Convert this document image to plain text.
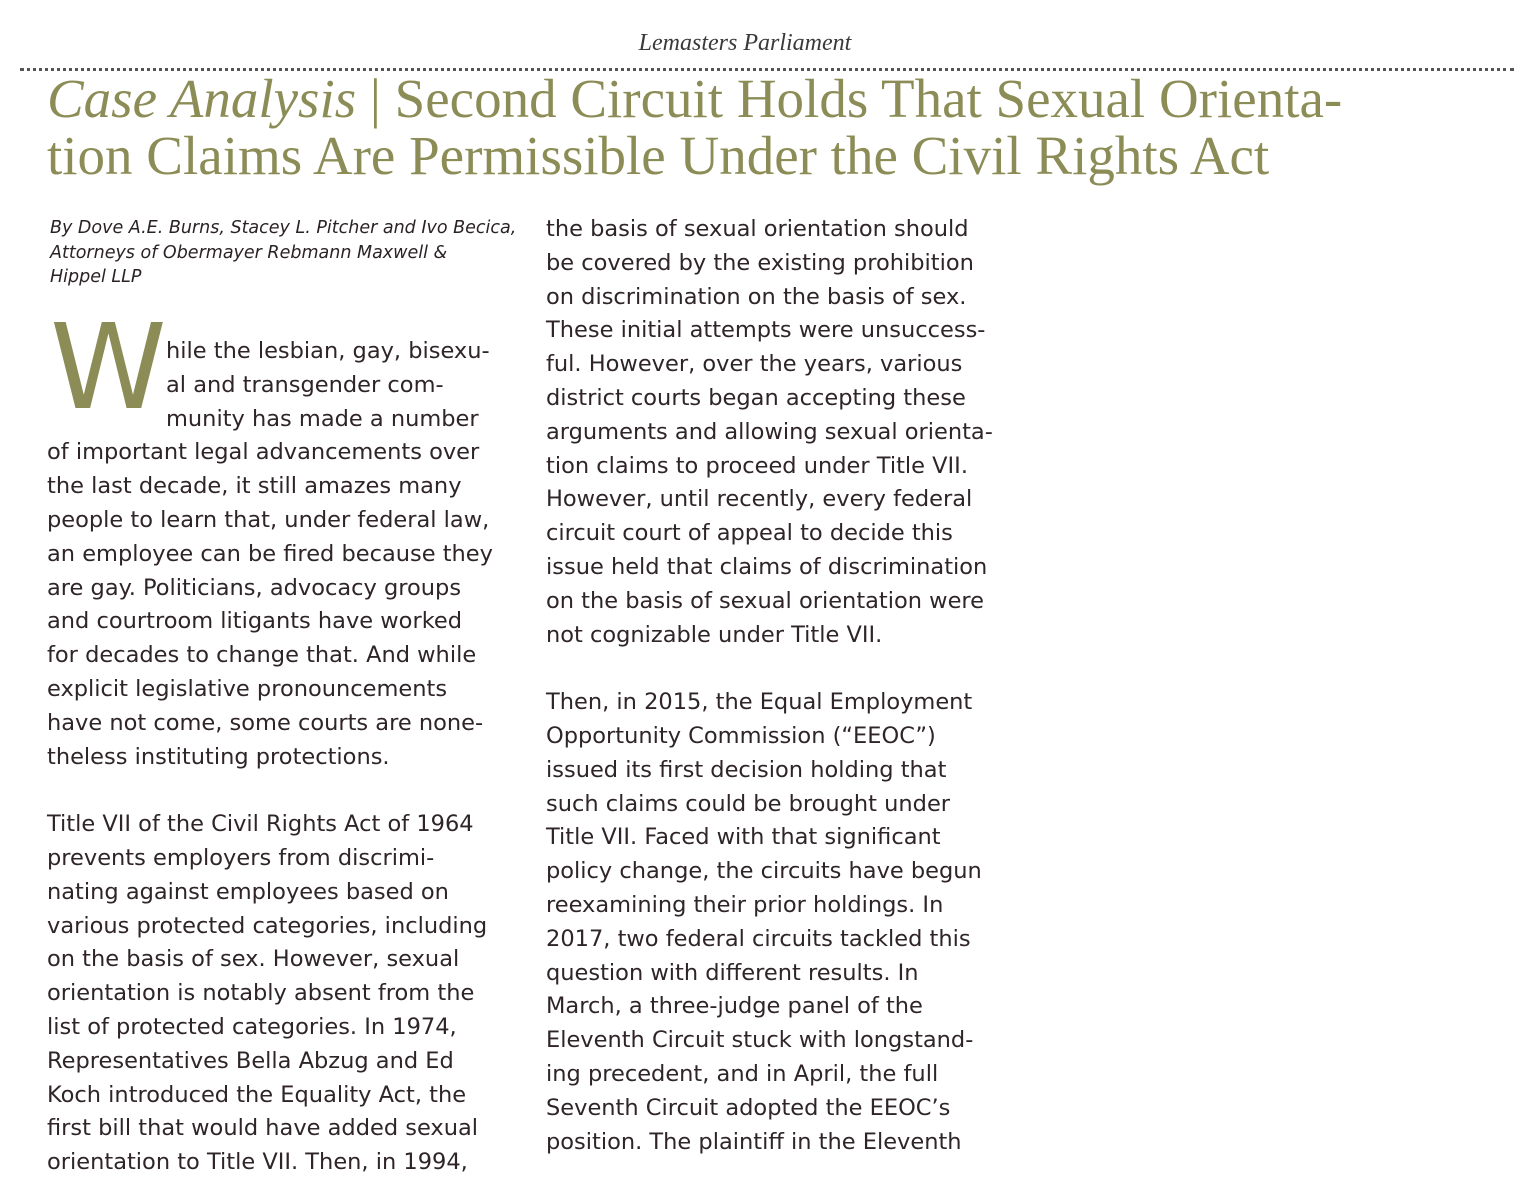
Lemasters Parliament
Case Analysis | Second Circuit Holds That Sexual Orienta-
tion Claims Are Permissible Under the Civil Rights Act
By Dove A.E. Burns, Stacey L. Pitcher and Ivo Becica,
Attorneys of Obermayer Rebmann Maxwell &
Hippel LLP
W hile the lesbian, gay, bisexu-
al and transgender com-
munity has made a number
of important legal advancements over
the last decade, it still amazes many
people to learn that, under federal law,
an employee can be fired because they
are gay. Politicians, advocacy groups
and courtroom litigants have worked
for decades to change that. And while
explicit legislative pronouncements
have not come, some courts are none-
theless instituting protections.
Title VII of the Civil Rights Act of 1964
prevents employers from discrimi-
nating against employees based on
various protected categories, including
on the basis of sex. However, sexual
orientation is notably absent from the
list of protected categories. In 1974,
Representatives Bella Abzug and Ed
Koch introduced the Equality Act, the
first bill that would have added sexual
orientation to Title VII. Then, in 1994,
the basis of sexual orientation should
be covered by the existing prohibition
on discrimination on the basis of sex.
These initial attempts were unsuccess-
ful. However, over the years, various
district courts began accepting these
arguments and allowing sexual orienta-
tion claims to proceed under Title VII.
However, until recently, every federal
circuit court of appeal to decide this
issue held that claims of discrimination
on the basis of sexual orientation were
not cognizable under Title VII.
Then, in 2015, the Equal Employment
Opportunity Commission (“EEOC”)
issued its first decision holding that
such claims could be brought under
Title VII. Faced with that significant
policy change, the circuits have begun
reexamining their prior holdings. In
2017, two federal circuits tackled this
question with different results. In
March, a three-judge panel of the
Eleventh Circuit stuck with longstand-
ing precedent, and in April, the full
Seventh Circuit adopted the EEOC’s
position. The plaintiff in the Eleventh
